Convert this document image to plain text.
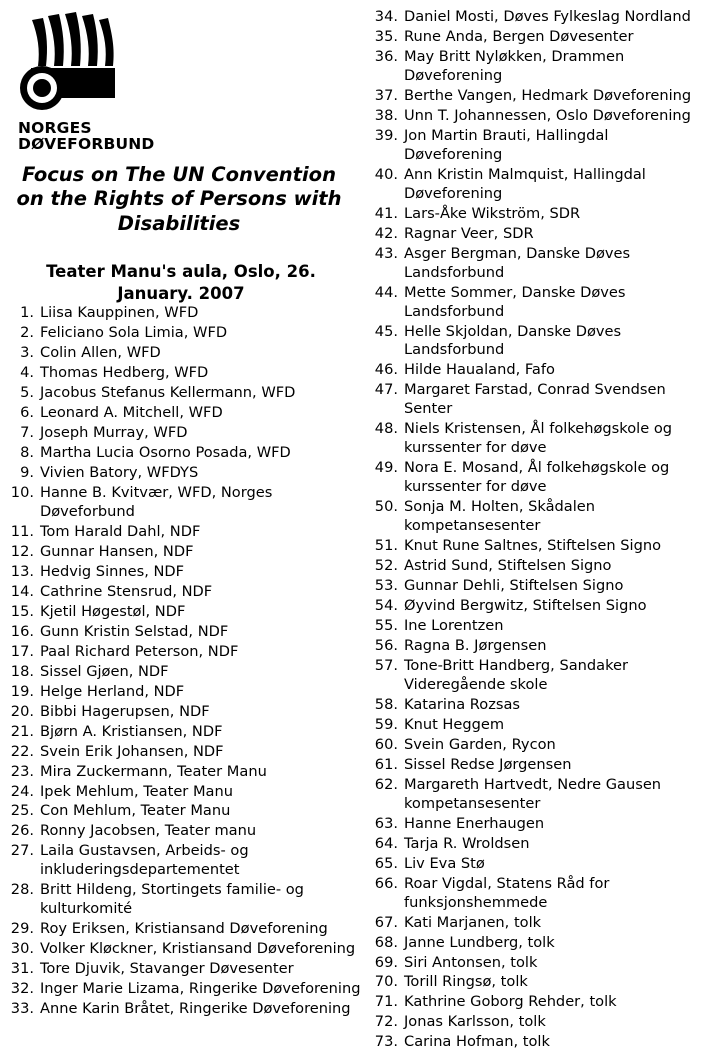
NORGES
DØVEFORBUND
Focus on The UN Convention on the Rights of Persons with Disabilities
Teater Manu's aula, Oslo, 26. January. 2007
1. Liisa Kauppinen, WFD
2. Feliciano Sola Limia, WFD
3. Colin Allen, WFD
4. Thomas Hedberg, WFD
5. Jacobus Stefanus Kellermann, WFD
6. Leonard A. Mitchell, WFD
7. Joseph Murray, WFD
8. Martha Lucia Osorno Posada, WFD
9. Vivien Batory, WFDYS
10. Hanne B. Kvitvær, WFD, Norges Døveforbund
11. Tom Harald Dahl, NDF
12. Gunnar Hansen, NDF
13. Hedvig Sinnes, NDF
14. Cathrine Stensrud, NDF
15. Kjetil Høgestøl, NDF
16. Gunn Kristin Selstad, NDF
17. Paal Richard Peterson, NDF
18. Sissel Gjøen, NDF
19. Helge Herland, NDF
20. Bibbi Hagerupsen, NDF
21. Bjørn A. Kristiansen, NDF
22. Svein Erik Johansen, NDF
23. Mira Zuckermann, Teater Manu
24. Ipek Mehlum, Teater Manu
25. Con Mehlum, Teater Manu
26. Ronny Jacobsen, Teater manu
27. Laila Gustavsen, Arbeids- og inkluderingsdepartementet
28. Britt Hildeng, Stortingets familie- og kulturkomité
29. Roy Eriksen, Kristiansand Døveforening
30. Volker Kløckner, Kristiansand Døveforening
31. Tore Djuvik, Stavanger Døvesenter
32. Inger Marie Lizama, Ringerike Døveforening
33. Anne Karin Bråtet, Ringerike Døveforening
34. Daniel Mosti, Døves Fylkeslag Nordland
35. Rune Anda, Bergen Døvesenter
36. May Britt Nyløkken, Drammen Døveforening
37. Berthe Vangen, Hedmark Døveforening
38. Unn T. Johannessen, Oslo Døveforening
39. Jon Martin Brauti, Hallingdal Døveforening
40. Ann Kristin Malmquist, Hallingdal Døveforening
41. Lars-Åke Wikström, SDR
42. Ragnar Veer, SDR
43. Asger Bergman, Danske Døves Landsforbund
44. Mette Sommer, Danske Døves Landsforbund
45. Helle Skjoldan, Danske Døves Landsforbund
46. Hilde Haualand, Fafo
47. Margaret Farstad, Conrad Svendsen Senter
48. Niels Kristensen, Ål folkehøgskole og kurssenter for døve
49. Nora E. Mosand, Ål folkehøgskole og kurssenter for døve
50. Sonja M. Holten, Skådalen kompetansesenter
51. Knut Rune Saltnes, Stiftelsen Signo
52. Astrid Sund, Stiftelsen Signo
53. Gunnar Dehli, Stiftelsen Signo
54. Øyvind Bergwitz, Stiftelsen Signo
55. Ine Lorentzen
56. Ragna B. Jørgensen
57. Tone-Britt Handberg, Sandaker Videregående skole
58. Katarina Rozsas
59. Knut Heggem
60. Svein Garden, Rycon
61. Sissel Redse Jørgensen
62. Margareth Hartvedt, Nedre Gausen kompetansesenter
63. Hanne Enerhaugen
64. Tarja R. Wroldsen
65. Liv Eva Stø
66. Roar Vigdal, Statens Råd for funksjonshemmede
67. Kati Marjanen, tolk
68. Janne Lundberg, tolk
69. Siri Antonsen, tolk
70. Torill Ringsø, tolk
71. Kathrine Goborg Rehder, tolk
72. Jonas Karlsson, tolk
73. Carina Hofman, tolk
